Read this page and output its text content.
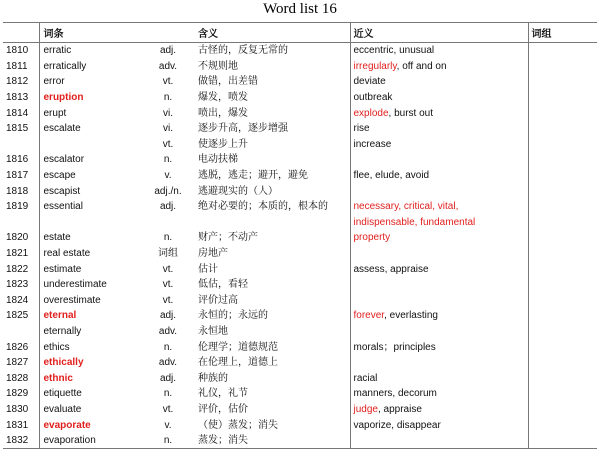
Word list 16
	词条		含义	近义	词组
1810	erratic	adj.	古怪的，反复无常的	eccentric, unusual	
1811	erratically	adv.	不规则地	irregularly, off and on	
1812	error	vt.	做错，出差错	deviate	
1813	eruption	n.	爆发，喷发	outbreak	
1814	erupt	vi.	喷出，爆发	explode, burst out	
1815	escalate	vi.	逐步升高，逐步增强	rise	
		vt.	使逐步上升	increase	
1816	escalator	n.	电动扶梯		
1817	escape	v.	逃脱，逃走；避开，避免	flee, elude, avoid	
1818	escapist	adj./n.	逃避现实的（人）		
1819	essential	adj.	绝对必要的；本质的，根本的	necessary, critical, vital,	
				indispensable, fundamental	
1820	estate	n.	财产；不动产	property	
1821	real estate	词组	房地产		
1822	estimate	vt.	估计	assess, appraise	
1823	underestimate	vt.	低估，看轻		
1824	overestimate	vt.	评价过高		
1825	eternal	adj.	永恒的；永远的	forever, everlasting	
	eternally	adv.	永恒地		
1826	ethics	n.	伦理学；道德规范	morals；principles	
1827	ethically	adv.	在伦理上，道德上		
1828	ethnic	adj.	种族的	racial	
1829	etiquette	n.	礼仪，礼节	manners, decorum	
1830	evaluate	vt.	评价，估价	judge, appraise	
1831	evaporate	v.	（使）蒸发；消失	vaporize, disappear	
1832	evaporation	n.	蒸发；消失		
